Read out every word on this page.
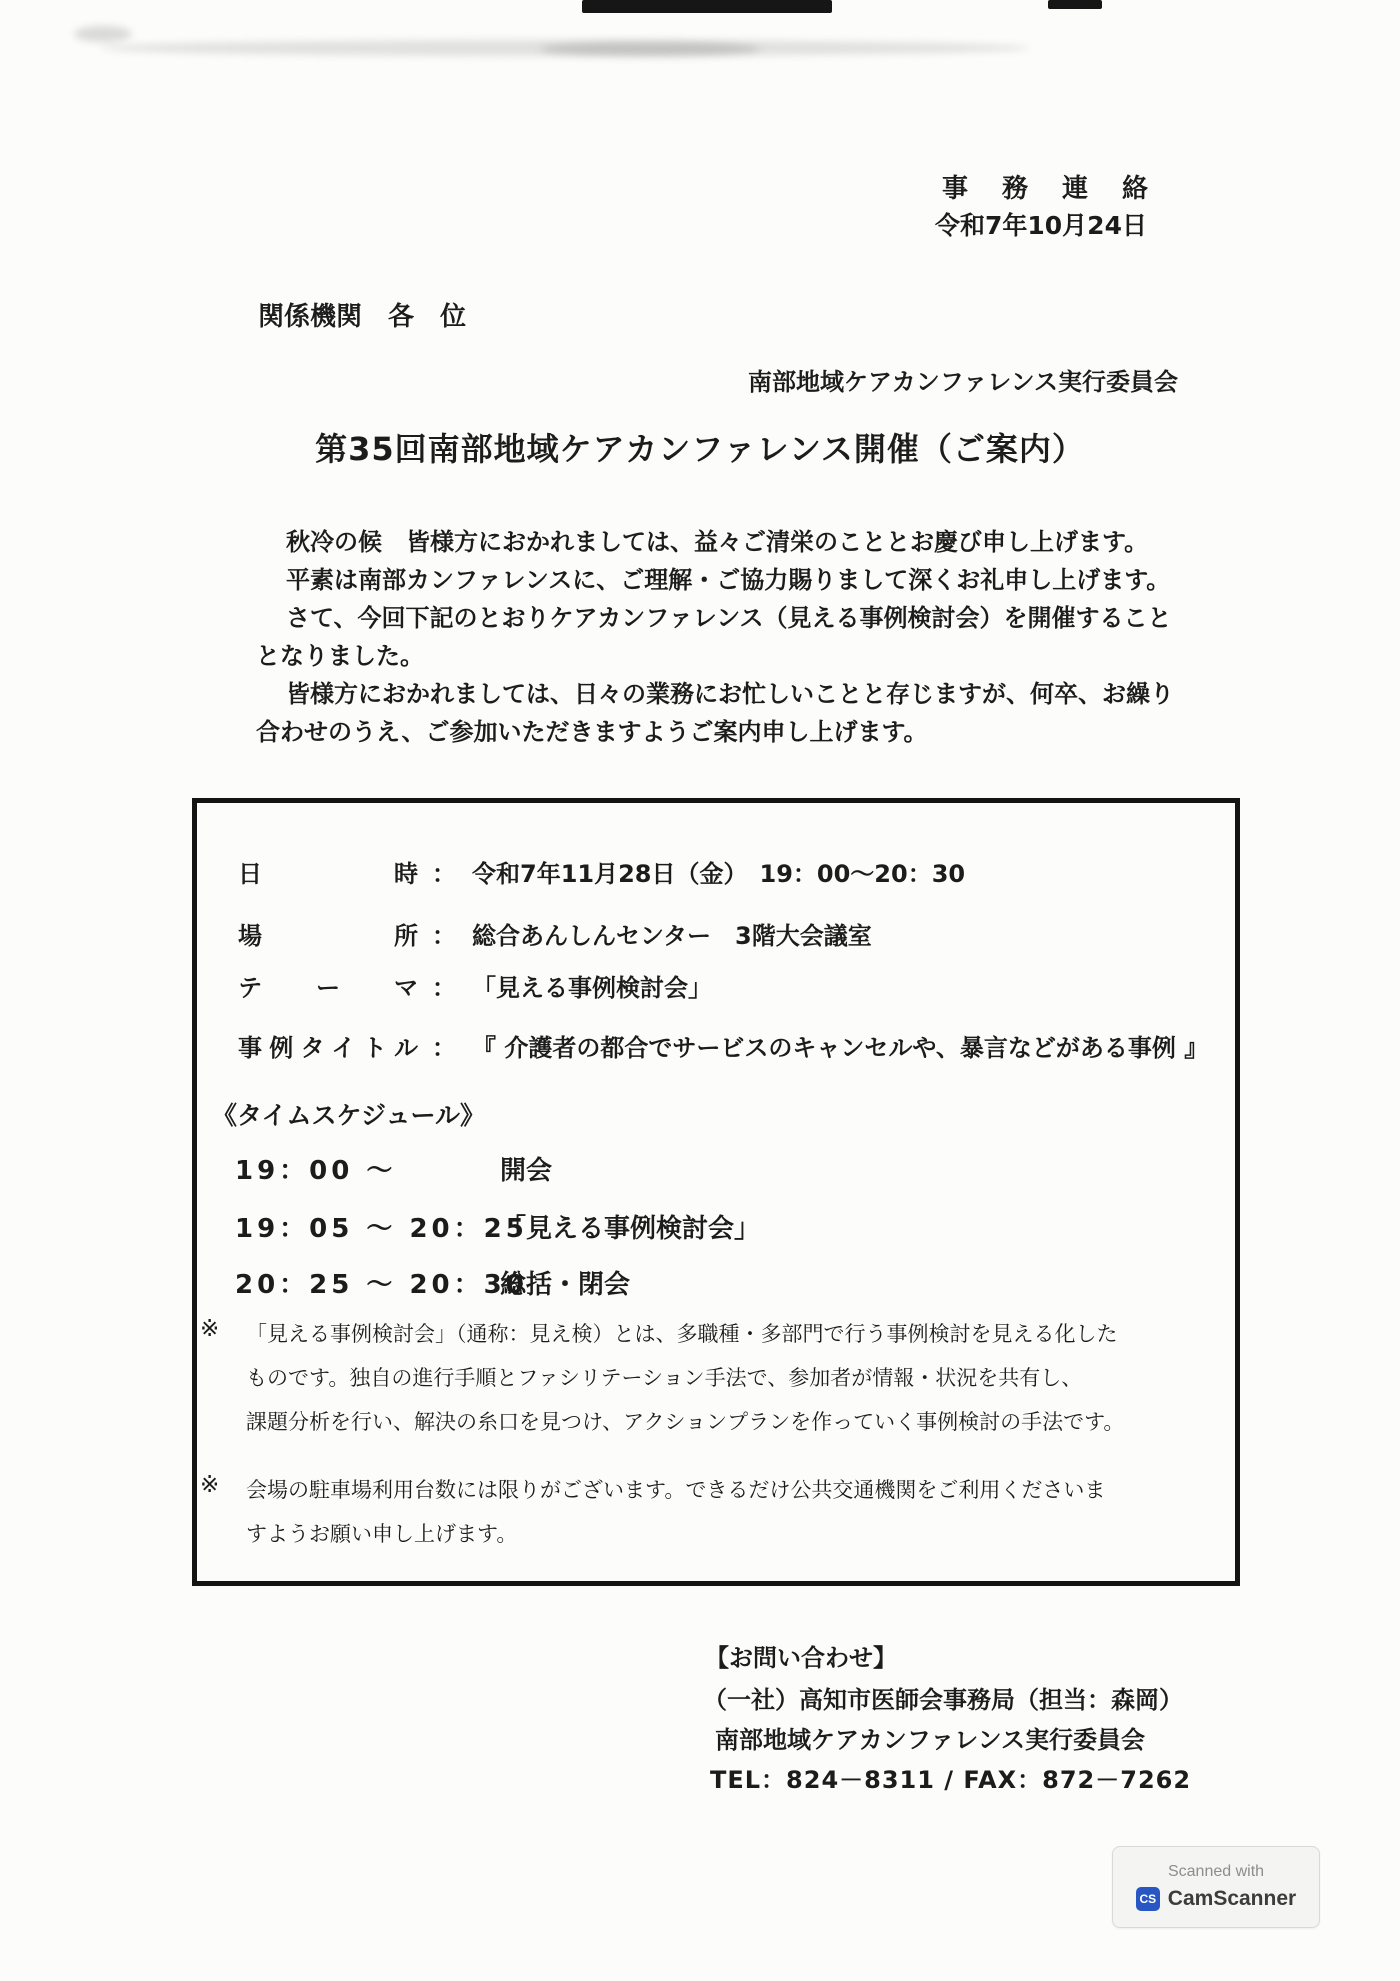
事　務　連　絡
令和7年10月24日
関係機関　各　位
南部地域ケアカンファレンス実行委員会
第35回南部地域ケアカンファレンス開催（ご案内）
秋冷の候　皆様方におかれましては、益々ご清栄のこととお慶び申し上げます。
平素は南部カンファレンスに、ご理解・ご協力賜りまして深くお礼申し上げます。
さて、今回下記のとおりケアカンファレンス（見える事例検討会）を開催すること
となりました。
皆様方におかれましては、日々の業務にお忙しいことと存じますが、何卒、お繰り
合わせのうえ、ご参加いただきますようご案内申し上げます。
日時 ： 令和7年11月28日（金）　19：00～20：30
場所 ： 総合あんしんセンター　3階大会議室
テーマ ： 「見える事例検討会」
事例タイトル ： 『 介護者の都合でサービスのキャンセルや、暴言などがある事例 』
《タイムスケジュール》
19：00 ～	開会
19：05 ～ 20：25
「見える事例検討会」
20：25 ～ 20：30
総括・閉会
※ 「見える事例検討会」（通称：見え検）とは、多職種・多部門で行う事例検討を見える化した
ものです。独自の進行手順とファシリテーション手法で、参加者が情報・状況を共有し、
課題分析を行い、解決の糸口を見つけ、アクションプランを作っていく事例検討の手法です。
※ 会場の駐車場利用台数には限りがございます。できるだけ公共交通機関をご利用くださいま
すようお願い申し上げます。
【お問い合わせ】
（一社）高知市医師会事務局（担当：森岡）
南部地域ケアカンファレンス実行委員会
TEL：824－8311 / FAX：872－7262
Scanned with
CS CamScanner
